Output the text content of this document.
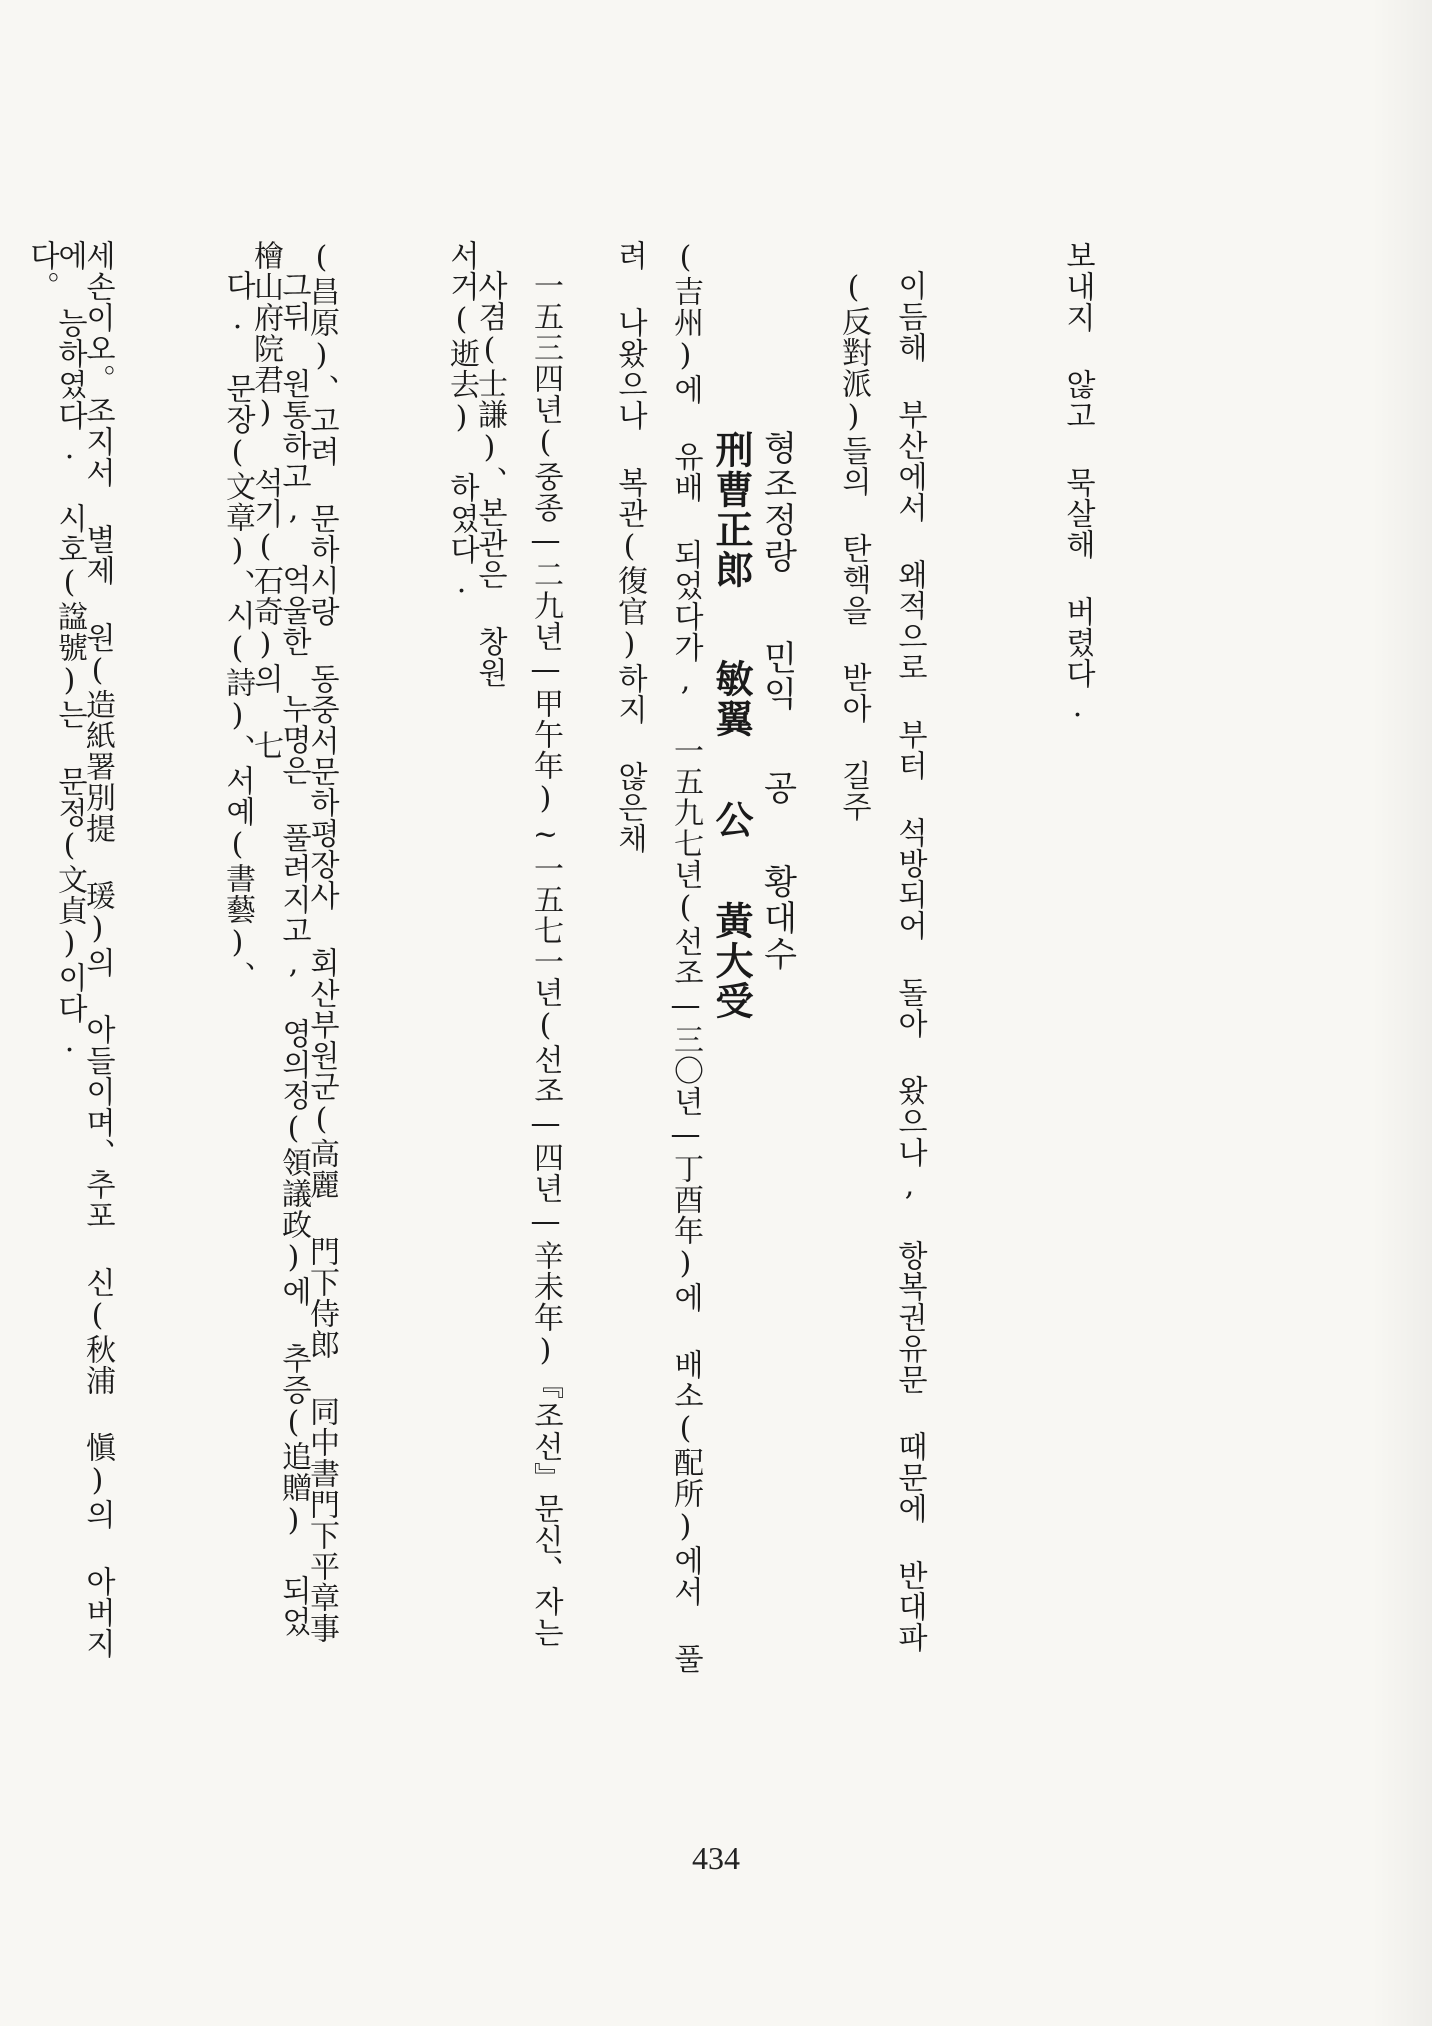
보내지 않고 묵살해 버렸다.

이듬해 부산에서 왜적으로 부터 석방되어 돌아 왔으나, 항복권유문 때문에 반대파(反對派)들의 탄핵을 받아 길주

(吉州)에 유배 되었다가, 一五九七년(선조—三〇년—丁酉年)에 배소(配所)에서 풀려 나왔으나 복관(復官)하지 않은채

서거(逝去) 하였다.

그뒤 원통하고, 억울한 누명은 풀려지고, 영의정(領議政)에 추증(追贈) 되었다. 문장(文章)、시(詩)、서예(書藝)、

에 능하였다. 시호(諡號)는 문정(文貞)이다.

	형조정랑 민익 공 황대수
刑曹正郎 敏翼 公 黃大受

一五三四년(중종—二九년—甲午年)~一五七一년(선조—四년—辛未年)『조선』문신、자는 사겸(士謙)、본관은 창원

(昌原)、고려 문하시랑 동중서문하평장사 회산부원군(高麗 門下侍郎 同中書門下平章事 檜山府院君) 석기(石奇)의 七

세손이오。조지서 별제 원(造紙署別提 瑗)의 아들이며、추포 신(秋浦 愼)의 아버지다。

434
